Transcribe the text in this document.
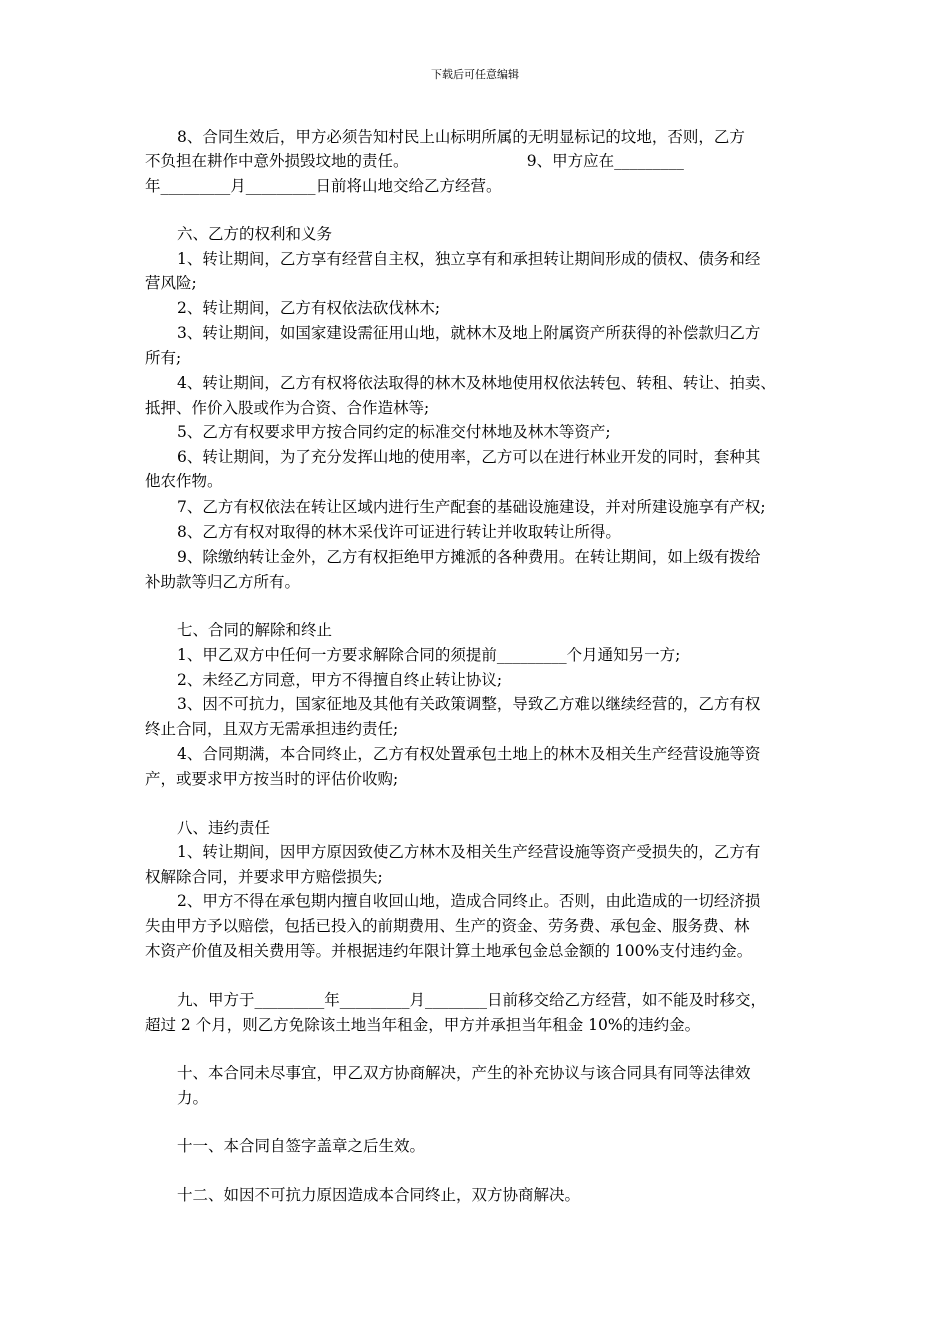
下载后可任意编辑
8、合同生效后，甲方必须告知村民上山标明所属的无明显标记的坟地，否则，乙方
不负担在耕作中意外损毁坟地的责任。                        9、甲方应在_________
年_________月_________日前将山地交给乙方经营。
六、乙方的权利和义务
1、转让期间，乙方享有经营自主权，独立享有和承担转让期间形成的债权、债务和经
营风险;
2、转让期间，乙方有权依法砍伐林木;
3、转让期间，如国家建设需征用山地，就林木及地上附属资产所获得的补偿款归乙方
所有;
4、转让期间，乙方有权将依法取得的林木及林地使用权依法转包、转租、转让、拍卖、
抵押、作价入股或作为合资、合作造林等;
5、乙方有权要求甲方按合同约定的标准交付林地及林木等资产;
6、转让期间，为了充分发挥山地的使用率，乙方可以在进行林业开发的同时，套种其
他农作物。
7、乙方有权依法在转让区域内进行生产配套的基础设施建设，并对所建设施享有产权;
8、乙方有权对取得的林木采伐许可证进行转让并收取转让所得。
9、除缴纳转让金外，乙方有权拒绝甲方摊派的各种费用。在转让期间，如上级有拨给
补助款等归乙方所有。
七、合同的解除和终止
1、甲乙双方中任何一方要求解除合同的须提前_________个月通知另一方;
2、未经乙方同意，甲方不得擅自终止转让协议;
3、因不可抗力，国家征地及其他有关政策调整，导致乙方难以继续经营的，乙方有权
终止合同，且双方无需承担违约责任;
4、合同期满，本合同终止，乙方有权处置承包土地上的林木及相关生产经营设施等资
产，或要求甲方按当时的评估价收购;
八、违约责任
1、转让期间，因甲方原因致使乙方林木及相关生产经营设施等资产受损失的，乙方有
权解除合同，并要求甲方赔偿损失;
2、甲方不得在承包期内擅自收回山地，造成合同终止。否则，由此造成的一切经济损
失由甲方予以赔偿，包括已投入的前期费用、生产的资金、劳务费、承包金、服务费、林
木资产价值及相关费用等。并根据违约年限计算土地承包金总金额的 100%支付违约金。
九、甲方于_________年_________月________日前移交给乙方经营，如不能及时移交，
超过 2 个月，则乙方免除该土地当年租金，甲方并承担当年租金 10%的违约金。
十、本合同未尽事宜，甲乙双方协商解决，产生的补充协议与该合同具有同等法律效
力。
十一、本合同自签字盖章之后生效。
十二、如因不可抗力原因造成本合同终止，双方协商解决。
